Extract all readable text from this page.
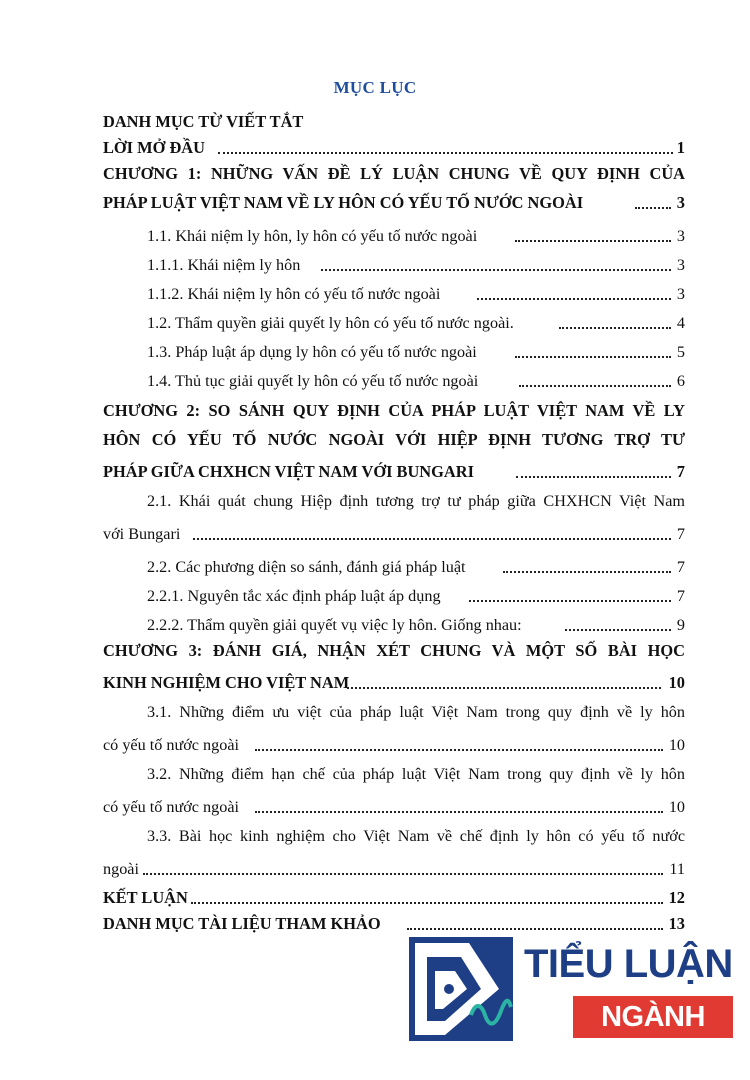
MỤC LỤC
DANH MỤC TỪ VIẾT TẮT
LỜI MỞ ĐẦU	1
CHƯƠNG 1: NHỮNG VẤN ĐỀ LÝ LUẬN CHUNG VỀ QUY ĐỊNH CỦA
PHÁP LUẬT VIỆT NAM VỀ LY HÔN CÓ YẾU TỐ NƯỚC NGOÀI	3
1.1. Khái niệm ly hôn, ly hôn có yếu tố nước ngoài	3
1.1.1. Khái niệm ly hôn	3
1.1.2. Khái niệm ly hôn có yếu tố nước ngoài	3
1.2. Thẩm quyền giải quyết ly hôn có yếu tố nước ngoài.	4
1.3. Pháp luật áp dụng ly hôn có yếu tố nước ngoài	5
1.4. Thủ tục giải quyết ly hôn có yếu tố nước ngoài	6
CHƯƠNG 2: SO SÁNH QUY ĐỊNH CỦA PHÁP LUẬT VIỆT NAM VỀ LY
HÔN CÓ YẾU TỐ NƯỚC NGOÀI VỚI HIỆP ĐỊNH TƯƠNG TRỢ TƯ
PHÁP GIỮA CHXHCN VIỆT NAM VỚI BUNGARI	7
2.1. Khái quát chung Hiệp định tương trợ tư pháp giữa CHXHCN Việt Nam
với Bungari	7
2.2. Các phương diện so sánh, đánh giá pháp luật	7
2.2.1. Nguyên tắc xác định pháp luật áp dụng	7
2.2.2. Thẩm quyền giải quyết vụ việc ly hôn. Giống nhau:	9
CHƯƠNG 3: ĐÁNH GIÁ, NHẬN XÉT CHUNG VÀ MỘT SỐ BÀI HỌC
KINH NGHIỆM CHO VIỆT NAM	10
3.1. Những điểm ưu việt của pháp luật Việt Nam trong quy định về ly hôn
có yếu tố nước ngoài	10
3.2. Những điểm hạn chế của pháp luật Việt Nam trong quy định về ly hôn
có yếu tố nước ngoài	10
3.3. Bài học kinh nghiệm cho Việt Nam về chế định ly hôn có yếu tố nước
ngoài	11
KẾT LUẬN	12
DANH MỤC TÀI LIỆU THAM KHẢO	13
TIỂU LUẬN
NGÀNH LUẬT
